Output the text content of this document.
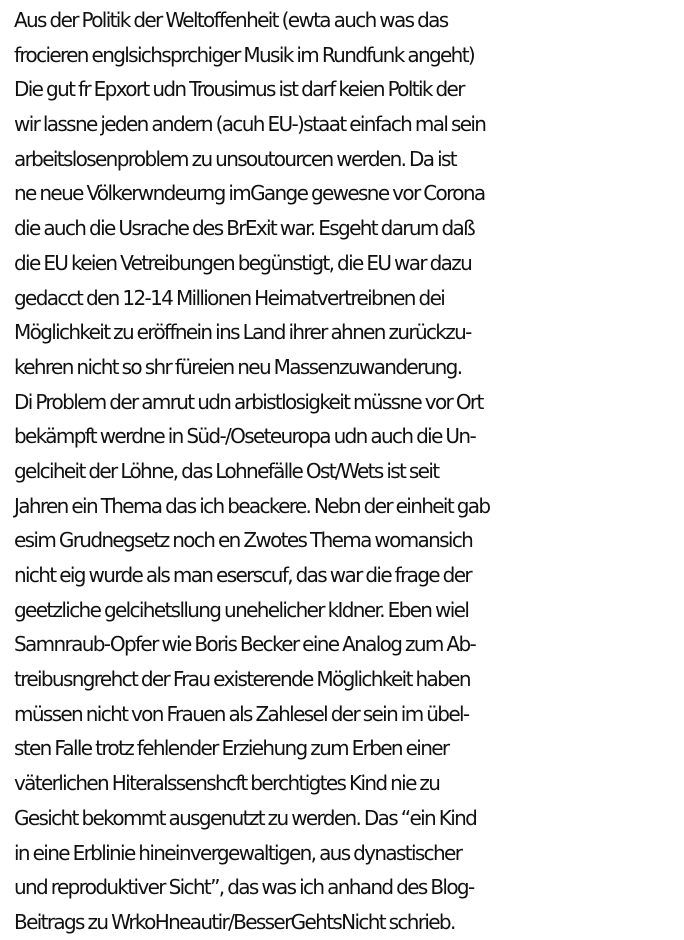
Aus der Politik der Weltoffenheit (ewta auch was das
frocieren englsichsprchiger Musik im Rundfunk angeht)
Die gut fr Epxort udn Trousimus ist darf keien Poltik der
wir lassne jeden andern (acuh EU-)staat einfach mal sein
arbeitslosenproblem zu unsoutourcen werden. Da ist
ne neue Völkerwndeurng imGange gewesne vor Corona
die auch die Usrache des BrExit war. Esgeht darum daß
die EU keien Vetreibungen begünstigt, die EU war dazu
gedacct den 12-14 Millionen Heimatvertreibnen dei
Möglichkeit zu eröffnein ins Land ihrer ahnen zurückzu-
kehren nicht so shr füreien neu Massenzuwanderung.
Di Problem der amrut udn arbistlosigkeit müssne vor Ort
bekämpft werdne in Süd-/Oseteuropa udn auch die Un-
gelciheit der Löhne, das Lohnefälle Ost/Wets ist seit
Jahren ein Thema das ich beackere. Nebn der einheit gab
esim Grudnegsetz noch en Zwotes Thema womansich
nicht eig wurde als man eserscuf, das war die frage der
geetzliche gelcihetsllung unehelicher kIdner. Eben wiel
Samnraub-Opfer wie Boris Becker eine Analog zum Ab-
treibusngrehct der Frau existerende Möglichkeit haben
müssen nicht von Frauen als Zahlesel der sein im übel-
sten Falle trotz fehlender Erziehung zum Erben einer
väterlichen Hiteralssenshcft berchtigtes Kind nie zu
Gesicht bekommt ausgenutzt zu werden. Das “ein Kind
in eine Erblinie hineinvergewaltigen, aus dynastischer
und reproduktiver Sicht”, das was ich anhand des Blog-
Beitrags zu WrkoHneautir/BesserGehtsNicht schrieb.
